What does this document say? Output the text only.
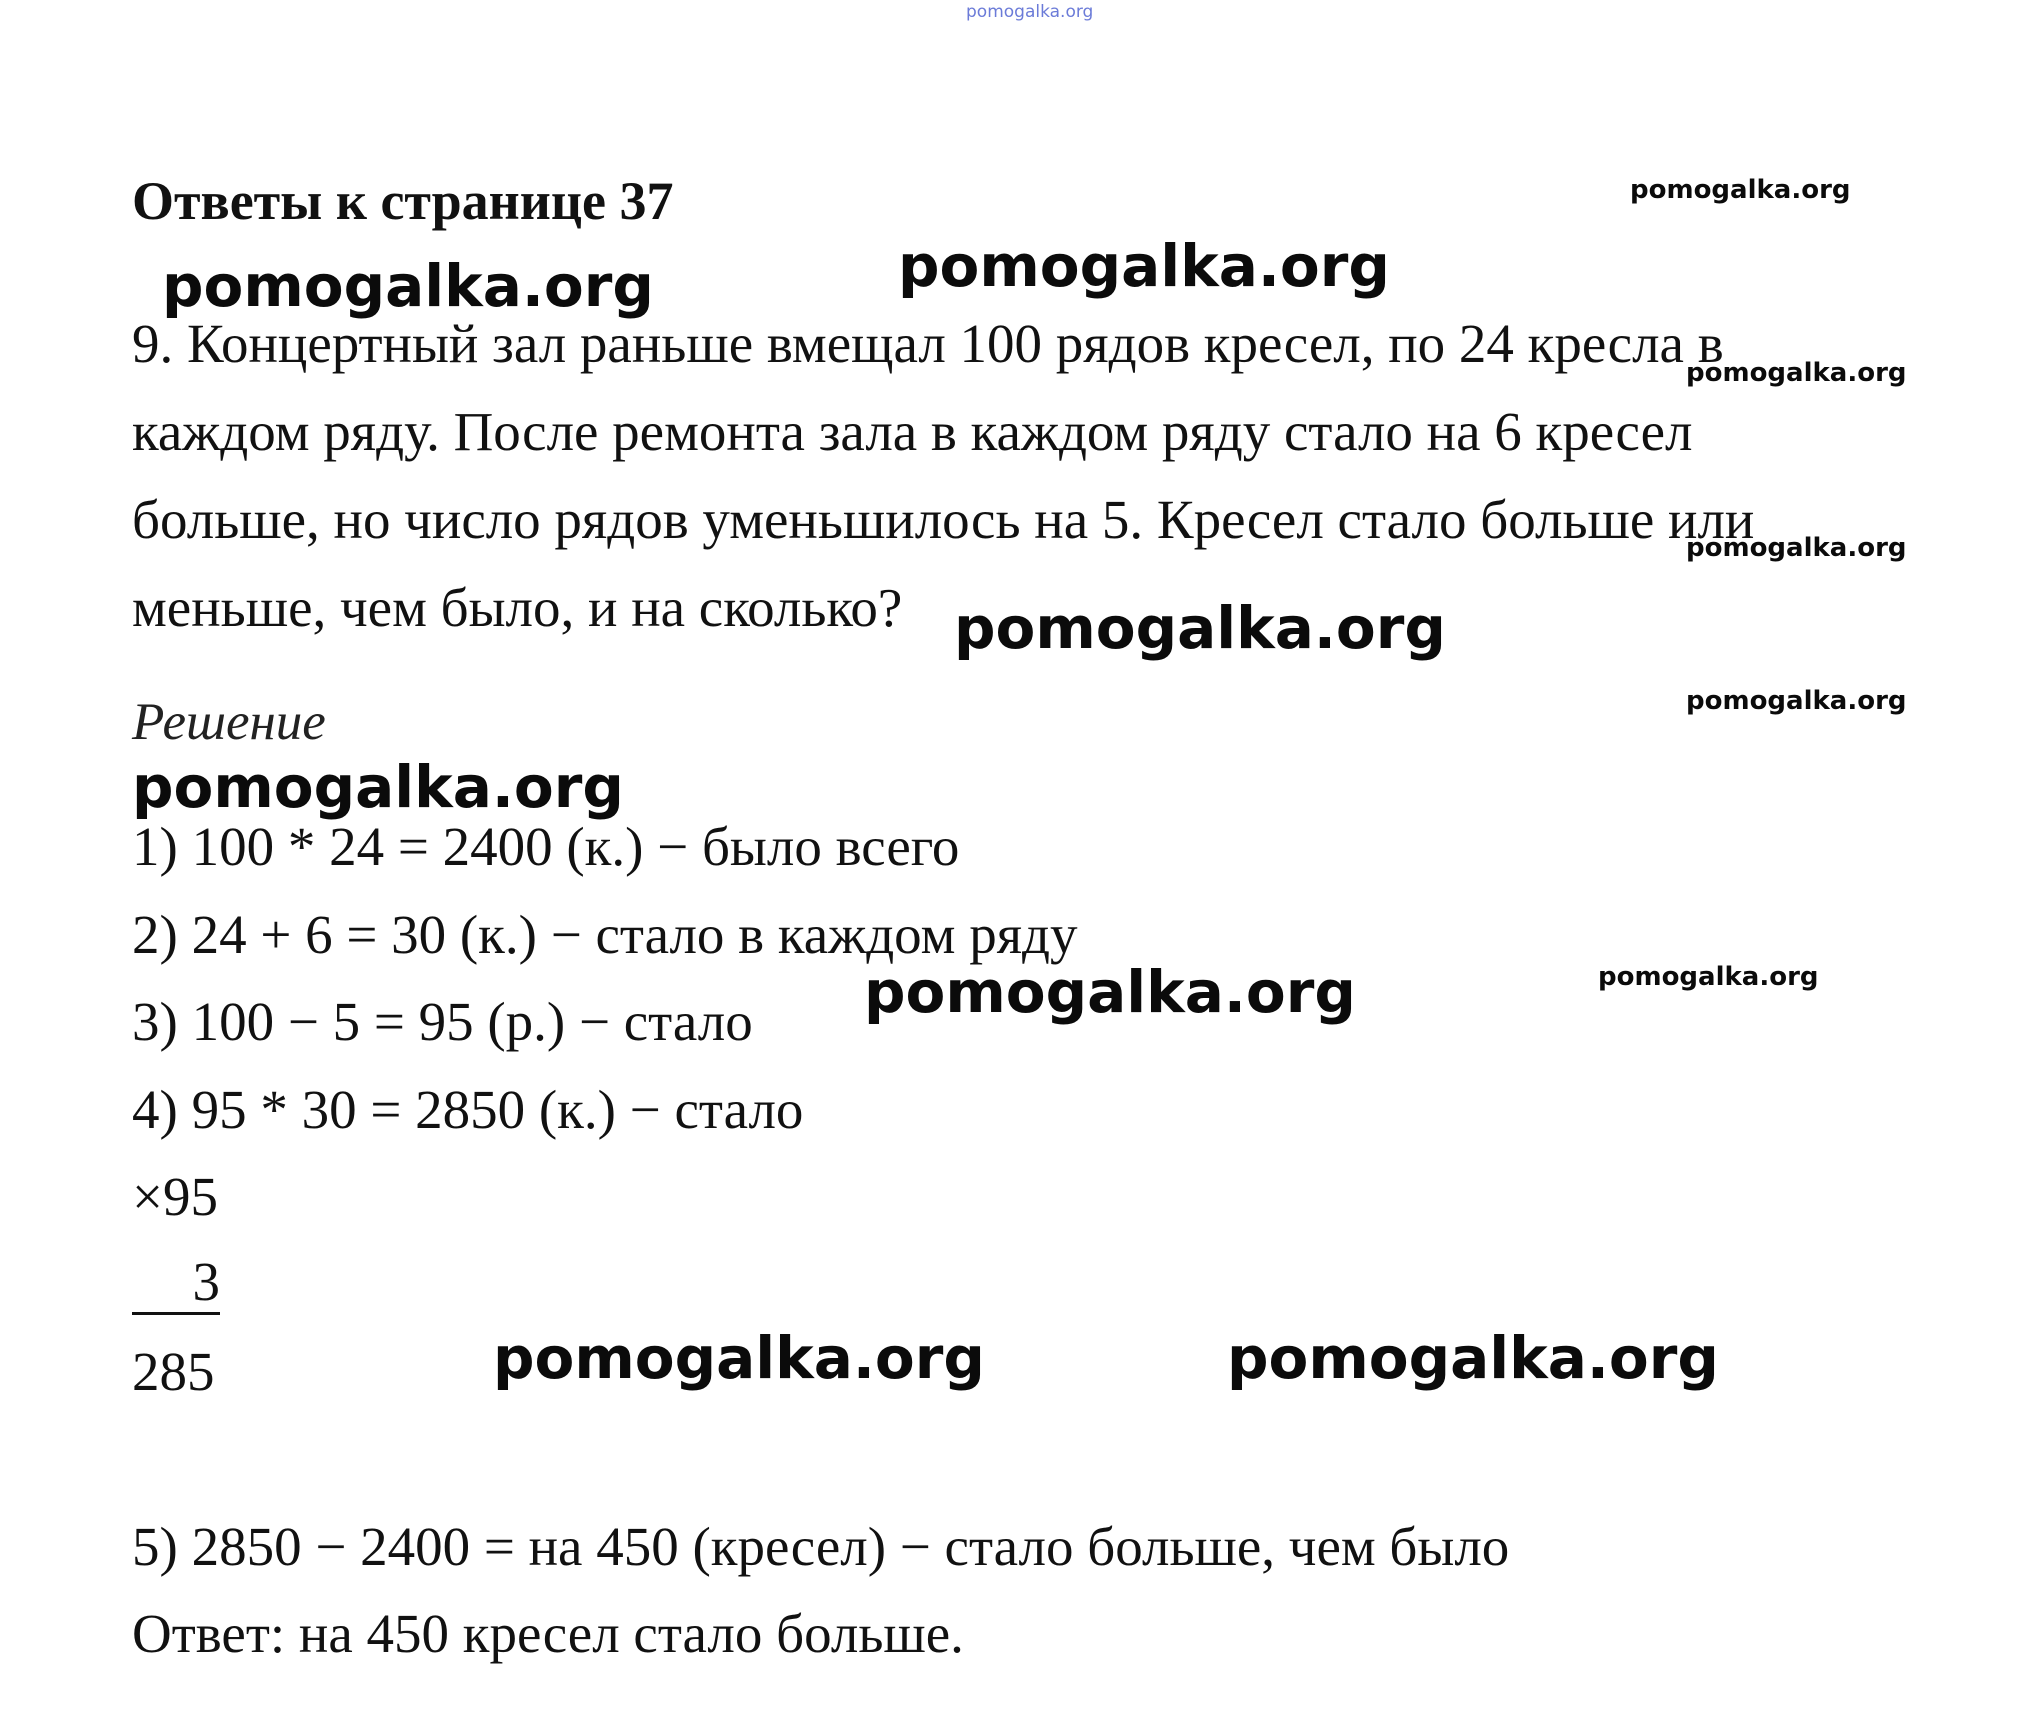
pomogalka.org
Ответы к странице 37
9. Концертный зал раньше вмещал 100 рядов кресел, по 24 кресла в каждом ряду. После ремонта зала в каждом ряду стало на 6 кресел больше, но число рядов уменьшилось на 5. Кресел стало больше или меньше, чем было, и на сколько?
Решение
1) 100 * 24 = 2400 (к.) − было всего
2) 24 + 6 = 30 (к.) − стало в каждом ряду
3) 100 − 5 = 95 (р.) − стало
4) 95 * 30 = 2850 (к.) − стало
×95
3
285
5) 2850 − 2400 = на 450 (кресел) − стало больше, чем было
Ответ: на 450 кресел стало больше.
pomogalka.org	pomogalka.org
pomogalka.org
pomogalka.org
pomogalka.org
pomogalka.org	pomogalka.org
pomogalka.org
pomogalka.org
pomogalka.org
pomogalka.org
pomogalka.org
